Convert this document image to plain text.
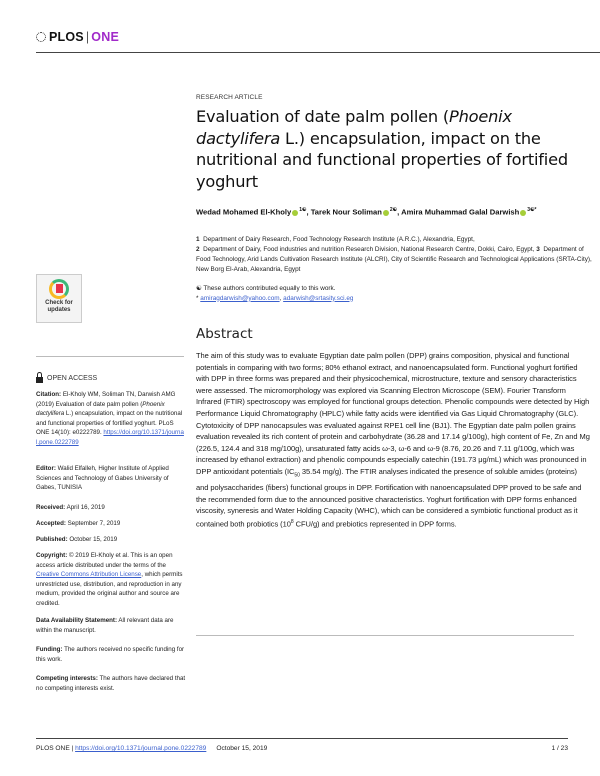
PLOS | ONE
RESEARCH ARTICLE
Evaluation of date palm pollen (Phoenix dactylifera L.) encapsulation, impact on the nutritional and functional properties of fortified yoghurt
Wedad Mohamed El-Kholy $^{1☯}$, Tarek Nour Soliman $^{2☯}$, Amira Muhammad Galal Darwish $^{3☯*}$
1 Department of Dairy Research, Food Technology Research Institute (A.R.C.), Alexandria, Egypt,
2 Department of Dairy, Food industries and nutrition Research Division, National Research Centre, Dokki, Cairo, Egypt, 3 Department of Food Technology, Arid Lands Cultivation Research Institute (ALCRI), City of Scientific Research and Technological Applications (SRTA-City), New Borg El-Arab, Alexandria, Egypt
☯ These authors contributed equally to this work.
* amiragdarwish@yahoo.com, adarwish@srtasity.sci.eg
Abstract
The aim of this study was to evaluate Egyptian date palm pollen (DPP) grains composition, physical and functional potentials in comparing with two forms; 80% ethanol extract, and nanoencapsulated form. Functional yoghurt fortified with DPP in three forms was prepared and their physicochemical, microstructure, texture and sensory characteristics were assessed. The micromorphology was explored via Scanning Electron Microscope (SEM). Fourier Transform Infrared (FTIR) spectroscopy was employed for functional groups detection. Phenolic compounds were detected by High Performance Liquid Chromatography (HPLC) while fatty acids were identified via Gas Liquid Chromatography (GLC). Cytotoxicity of DPP nanocapsules was evaluated against RPE1 cell line (BJ1). The Egyptian date palm pollen grains evaluation revealed its rich content of protein and carbohydrate (36.28 and 17.14 g/100g), high content of Fe, Zn and Mg (226.5, 124.4 and 318 mg/100g), unsaturated fatty acids ω-3, ω-6 and ω-9 (8.76, 20.26 and 7.11 g/100g, which was increased by ethanol extraction) and phenolic compounds especially catechin (191.73 μg/mL) which was pronounced in DPP antioxidant potentials ($IC_{50}$ 35.54 mg/g). The FTIR analyses indicated the presence of soluble amides (proteins) and polysaccharides (fibers) functional groups in DPP. Fortification with nanoencapsulated DPP proved to be safe and the recommended form due to the announced positive characteristics. Yoghurt fortification with DPP forms enhanced viscosity, syneresis and Water Holding Capacity (WHC), which can be considered a symbiotic functional product as it contained both probiotics ($10^8$ CFU/g) and prebiotics represented in DPP forms.
Check for
updates
OPEN ACCESS
Citation: El-Kholy WM, Soliman TN, Darwish AMG (2019) Evaluation of date palm pollen (Phoenix dactylifera L.) encapsulation, impact on the nutritional and functional properties of fortified yoghurt. PLoS ONE 14(10): e0222789. https://doi.org/10.1371/journal.pone.0222789
Editor: Walid Elfalleh, Higher Institute of Applied Sciences and Technology of Gabes University of Gabes, TUNISIA
Received: April 16, 2019
Accepted: September 7, 2019
Published: October 15, 2019
Copyright: © 2019 El-Kholy et al. This is an open access article distributed under the terms of the Creative Commons Attribution License, which permits unrestricted use, distribution, and reproduction in any medium, provided the original author and source are credited.
Data Availability Statement: All relevant data are within the manuscript.
Funding: The authors received no specific funding for this work.
Competing interests: The authors have declared that no competing interests exist.
PLOS ONE | https://doi.org/10.1371/journal.pone.0222789 October 15, 2019	1 / 23
